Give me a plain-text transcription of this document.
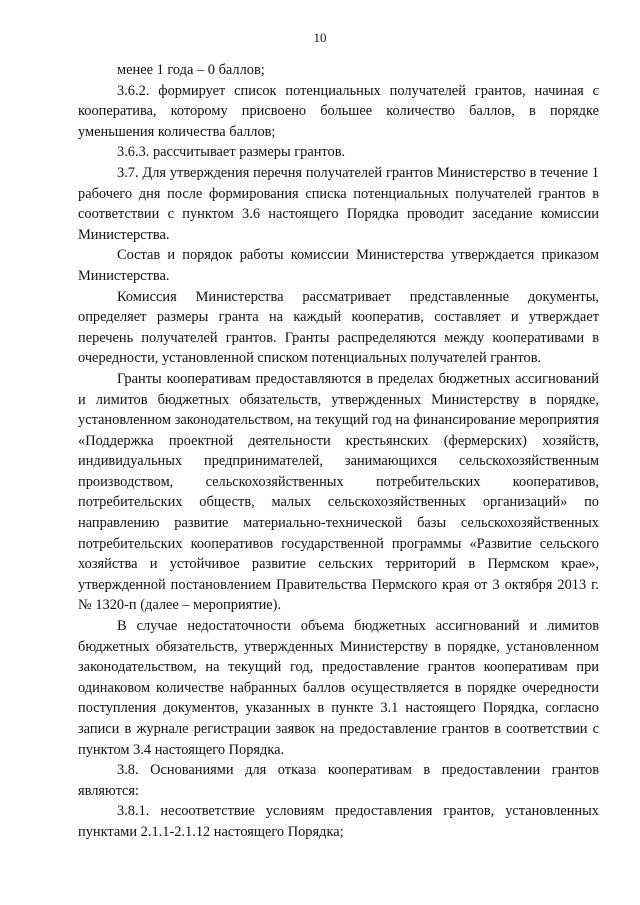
10

менее 1 года – 0 баллов;

3.6.2. формирует список потенциальных получателей грантов, начиная с кооператива, которому присвоено большее количество баллов, в порядке уменьшения количества баллов;

3.6.3. рассчитывает размеры грантов.

3.7. Для утверждения перечня получателей грантов Министерство в течение 1 рабочего дня после формирования списка потенциальных получателей грантов в соответствии с пунктом 3.6 настоящего Порядка проводит заседание комиссии Министерства.

Состав и порядок работы комиссии Министерства утверждается приказом Министерства.

Комиссия Министерства рассматривает представленные документы, определяет размеры гранта на каждый кооператив, составляет и утверждает перечень получателей грантов. Гранты распределяются между кооперативами в очередности, установленной списком потенциальных получателей грантов.

Гранты кооперативам предоставляются в пределах бюджетных ассигнований и лимитов бюджетных обязательств, утвержденных Министерству в порядке, установленном законодательством, на текущий год на финансирование мероприятия «Поддержка проектной деятельности крестьянских (фермерских) хозяйств, индивидуальных предпринимателей, занимающихся сельскохозяйственным производством, сельскохозяйственных потребительских кооперативов, потребительских обществ, малых сельскохозяйственных организаций» по направлению развитие материально-технической базы сельскохозяйственных потребительских кооперативов государственной программы «Развитие сельского хозяйства и устойчивое развитие сельских территорий в Пермском крае», утвержденной постановлением Правительства Пермского края от 3 октября 2013 г. № 1320-п (далее – мероприятие).

В случае недостаточности объема бюджетных ассигнований и лимитов бюджетных обязательств, утвержденных Министерству в порядке, установленном законодательством, на текущий год, предоставление грантов кооперативам при одинаковом количестве набранных баллов осуществляется в порядке очередности поступления документов, указанных в пункте 3.1 настоящего Порядка, согласно записи в журнале регистрации заявок на предоставление грантов в соответствии с пунктом 3.4 настоящего Порядка.

3.8. Основаниями для отказа кооперативам в предоставлении грантов являются:

3.8.1. несоответствие условиям предоставления грантов, установленных пунктами 2.1.1-2.1.12 настоящего Порядка;
